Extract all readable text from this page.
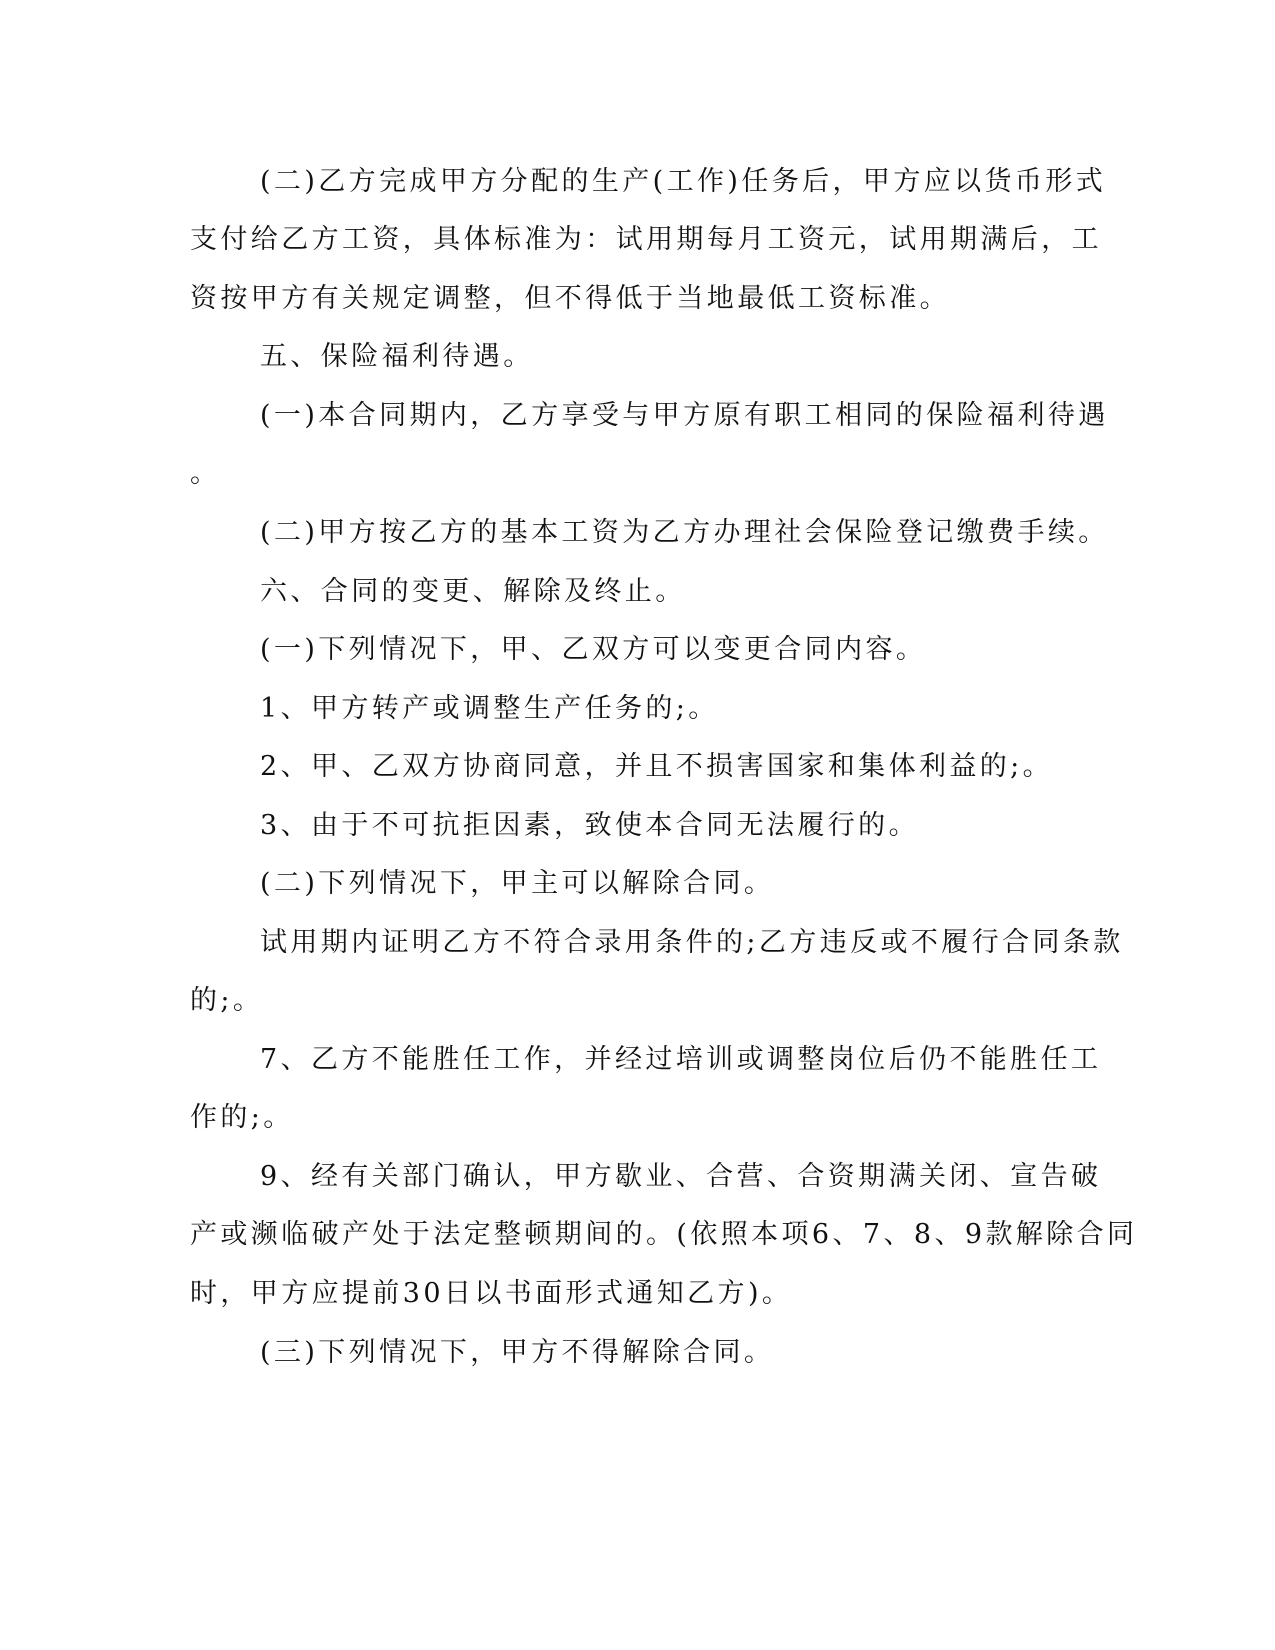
(二)乙方完成甲方分配的生产(工作)任务后，甲方应以货币形式
支付给乙方工资，具体标准为：试用期每月工资元，试用期满后，工
资按甲方有关规定调整，但不得低于当地最低工资标准。
五、保险福利待遇。
(一)本合同期内，乙方享受与甲方原有职工相同的保险福利待遇
。
(二)甲方按乙方的基本工资为乙方办理社会保险登记缴费手续。
六、合同的变更、解除及终止。
(一)下列情况下，甲、乙双方可以变更合同内容。
1、甲方转产或调整生产任务的;。
2、甲、乙双方协商同意，并且不损害国家和集体利益的;。
3、由于不可抗拒因素，致使本合同无法履行的。
(二)下列情况下，甲主可以解除合同。
试用期内证明乙方不符合录用条件的;乙方违反或不履行合同条款
的;。
7、乙方不能胜任工作，并经过培训或调整岗位后仍不能胜任工
作的;。
9、经有关部门确认，甲方歇业、合营、合资期满关闭、宣告破
产或濒临破产处于法定整顿期间的。(依照本项6、7、8、9款解除合同
时，甲方应提前30日以书面形式通知乙方)。
(三)下列情况下，甲方不得解除合同。
